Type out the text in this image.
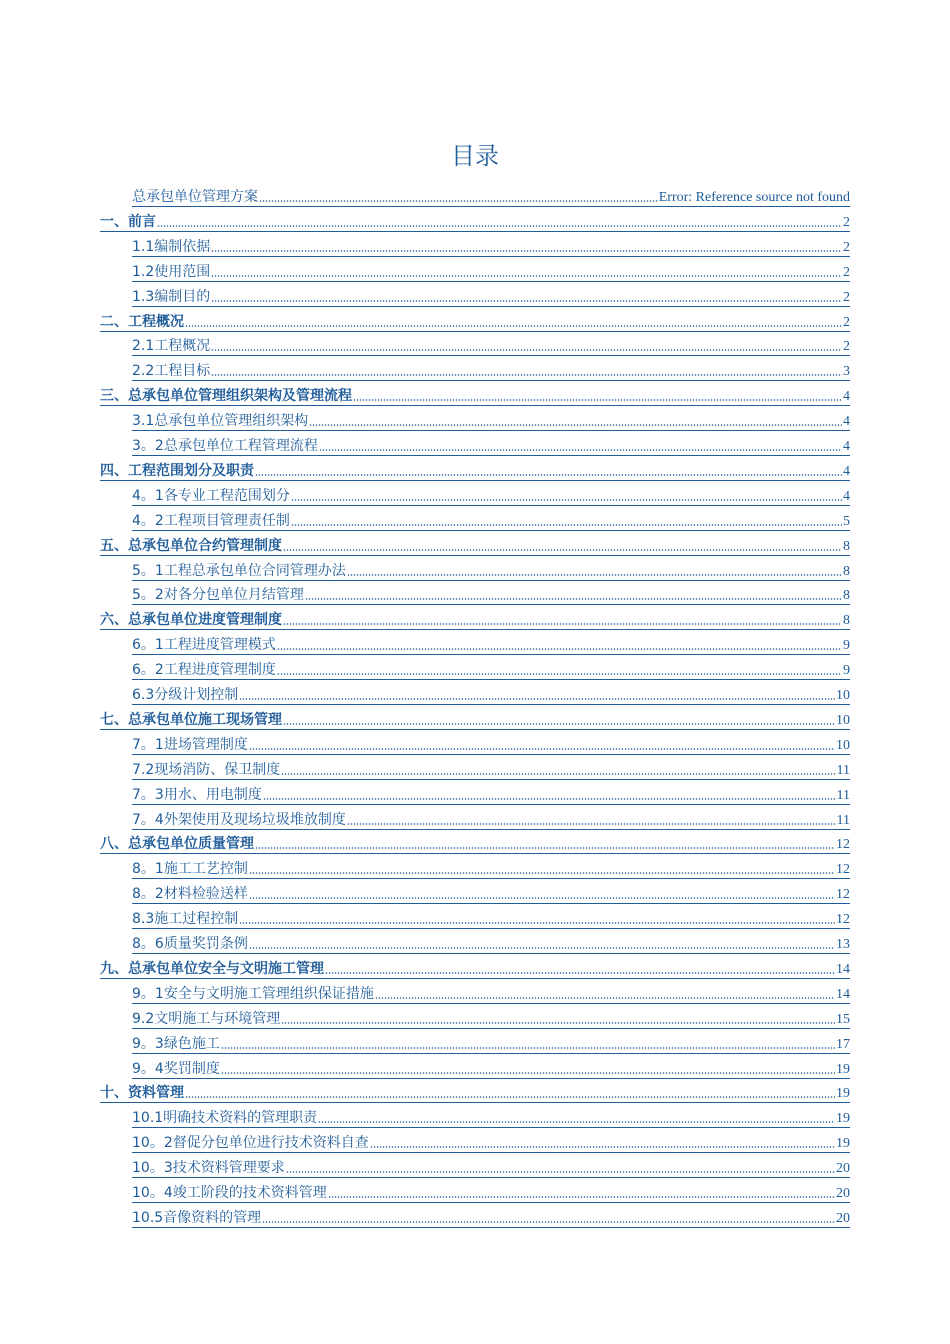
目录
总承包单位管理方案	Error: Reference source not found
一、前言	2
1.1编制依据	2
1.2使用范围	2
1.3编制目的	2
二、工程概况	2
2.1工程概况	2
2.2工程目标	3
三、总承包单位管理组织架构及管理流程	4
3.1总承包单位管理组织架构	4
3。2总承包单位工程管理流程	4
四、工程范围划分及职责	4
4。1各专业工程范围划分	4
4。2工程项目管理责任制	5
五、总承包单位合约管理制度	8
5。1工程总承包单位合同管理办法	8
5。2对各分包单位月结管理	8
六、总承包单位进度管理制度	8
6。1工程进度管理模式	9
6。2工程进度管理制度	9
6.3分级计划控制	10
七、总承包单位施工现场管理	10
7。1进场管理制度	10
7.2现场消防、保卫制度	11
7。3用水、用电制度	11
7。4外架使用及现场垃圾堆放制度	11
八、总承包单位质量管理	12
8。1施工工艺控制	12
8。2材料检验送样	12
8.3施工过程控制	12
8。6质量奖罚条例	13
九、总承包单位安全与文明施工管理	14
9。1安全与文明施工管理组织保证措施	14
9.2文明施工与环境管理	15
9。3绿色施工	17
9。4奖罚制度	19
十、资料管理	19
10.1明确技术资料的管理职责	19
10。2督促分包单位进行技术资料自查	19
10。3技术资料管理要求	20
10。4竣工阶段的技术资料管理	20
10.5音像资料的管理	20
